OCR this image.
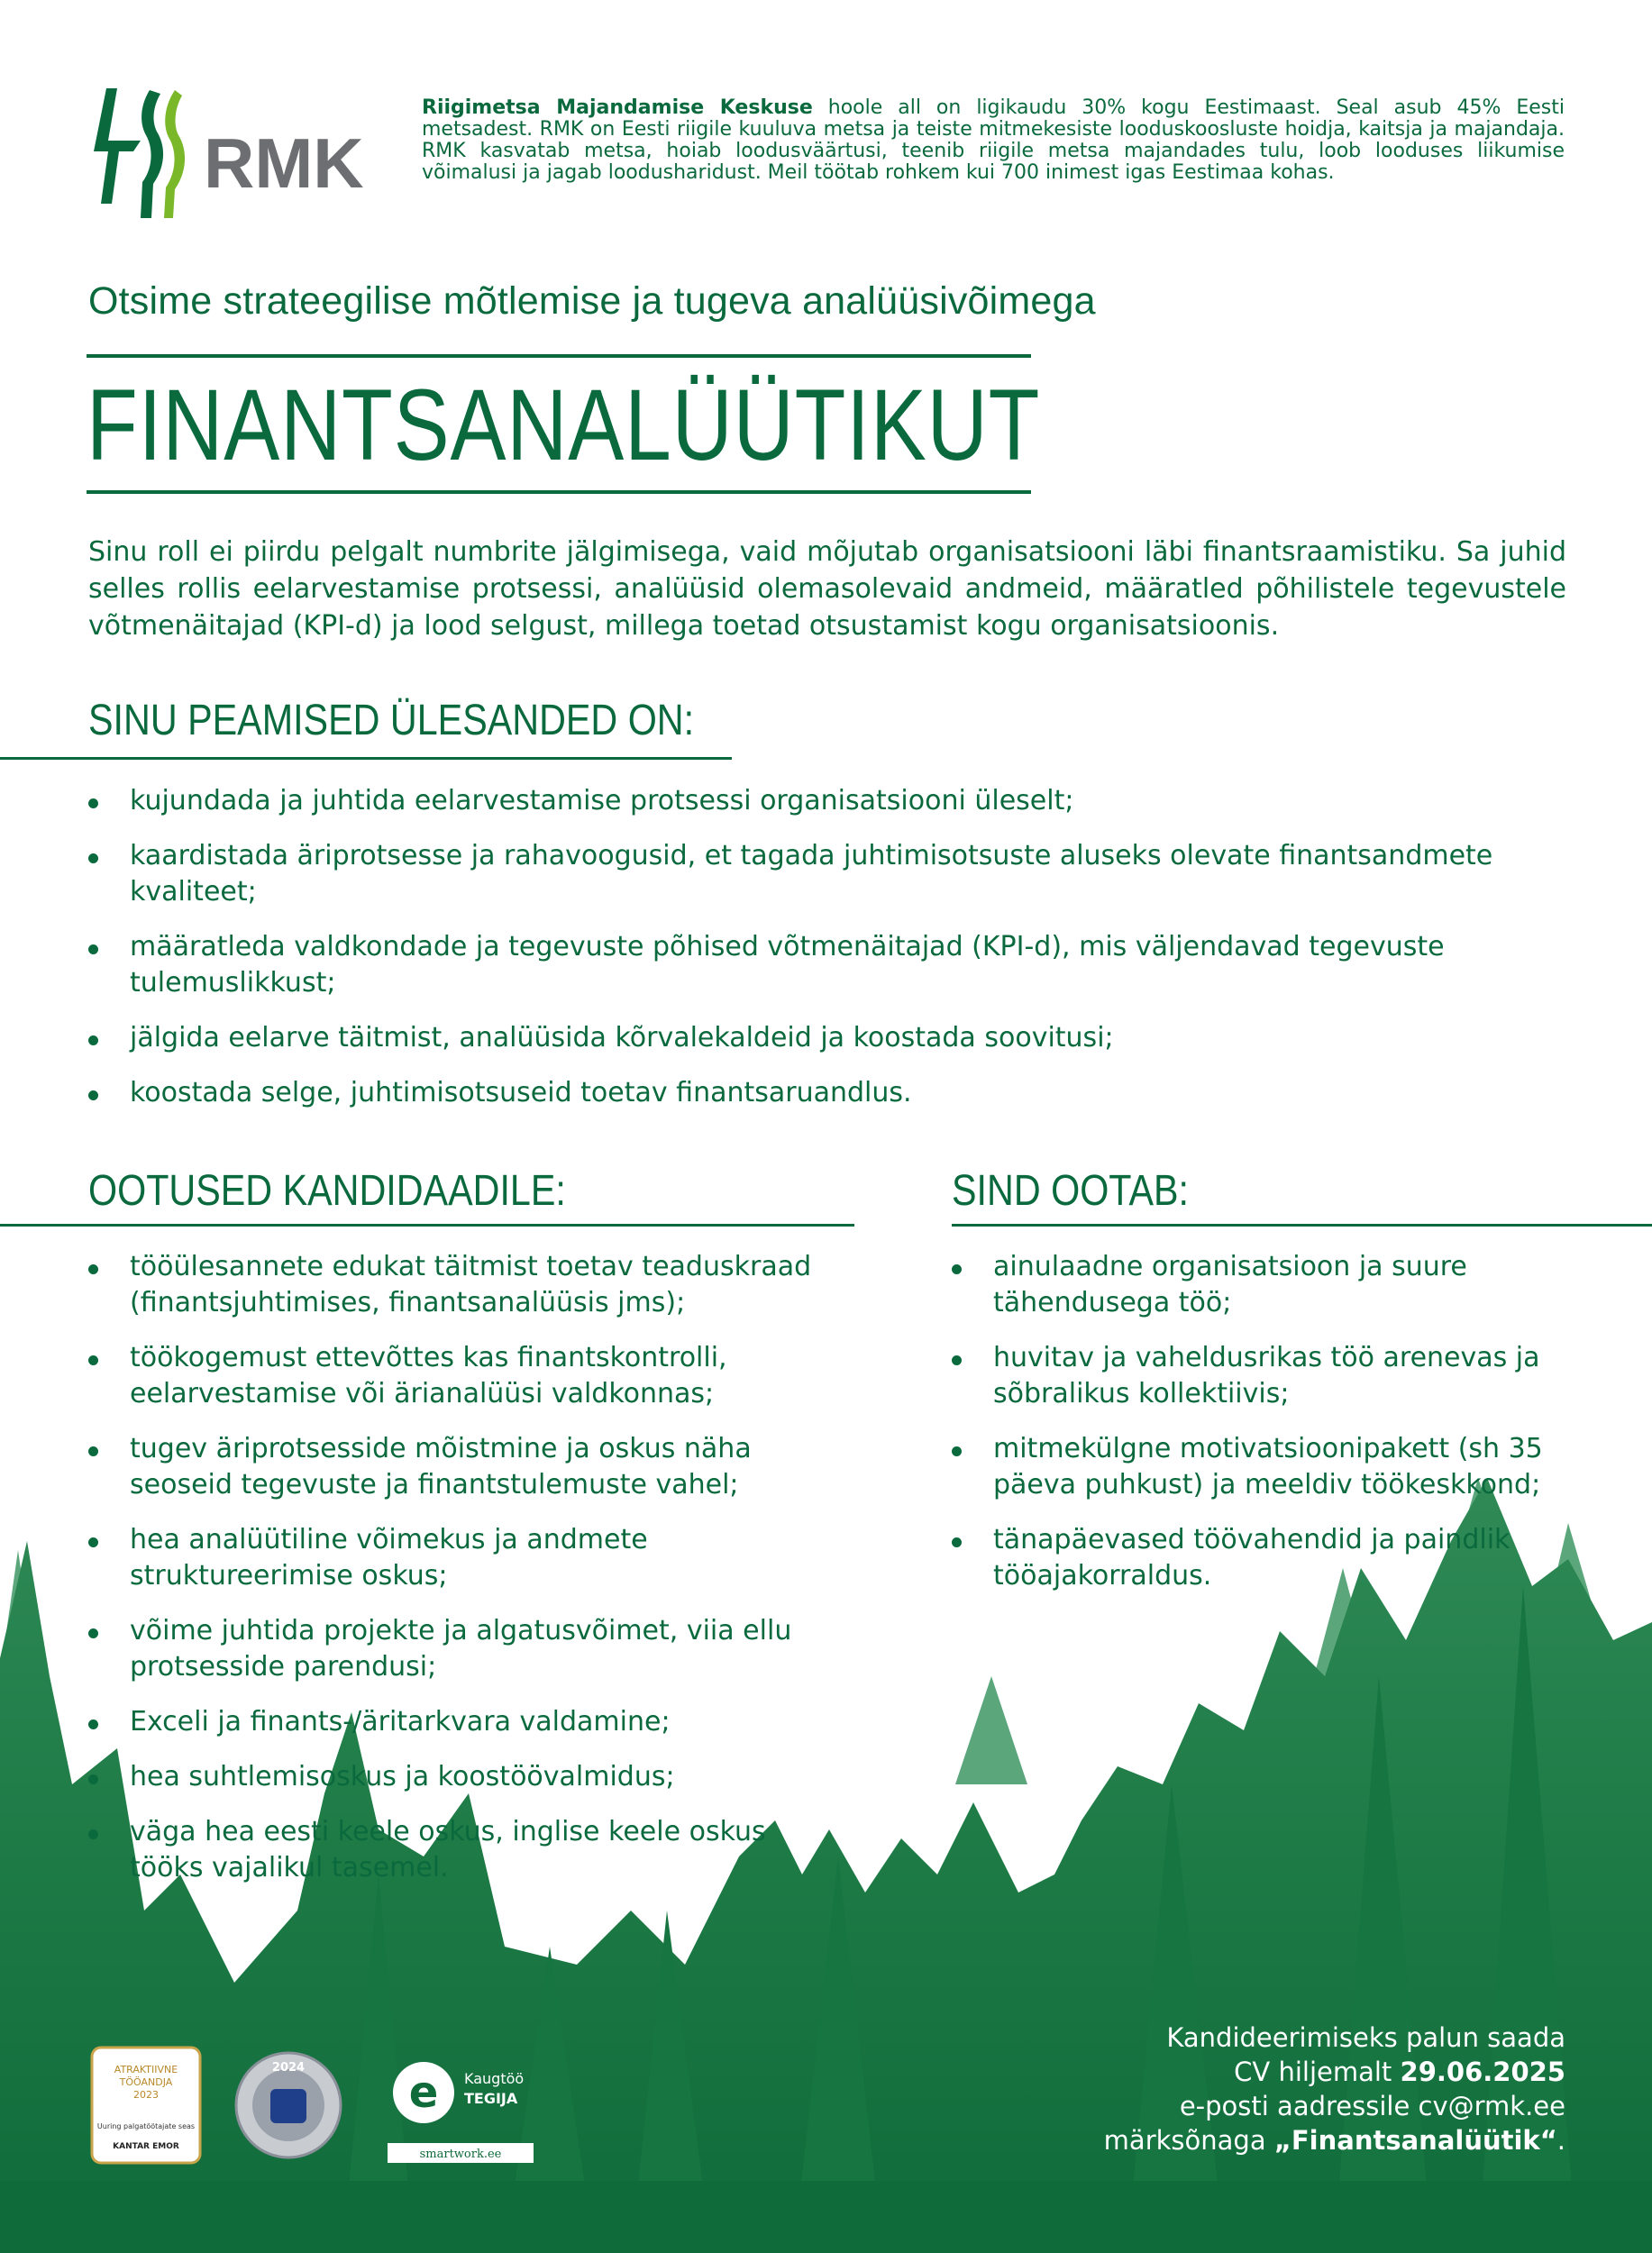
RMK
Riigimetsa Majandamise Keskuse hoole all on ligikaudu 30% kogu Eestimaast. Seal asub 45% Eesti metsadest. RMK on Eesti riigile kuuluva metsa ja teiste mitmekesiste looduskoosluste hoidja, kaitsja ja majandaja. RMK kasvatab metsa, hoiab loodusväärtusi, teenib riigile metsa majandades tulu, loob looduses liikumise võimalusi ja jagab loodusharidust. Meil töötab rohkem kui 700 inimest igas Eestimaa kohas.
Otsime strateegilise mõtlemise ja tugeva analüüsivõimega
FINANTSANALÜÜTIKUT
Sinu roll ei piirdu pelgalt numbrite jälgimisega, vaid mõjutab organisatsiooni läbi finantsraamistiku. Sa juhid selles rollis eelarvestamise protsessi, analüüsid olemasolevaid andmeid, määratled põhilistele tegevustele võtmenäitajad (KPI-d) ja lood selgust, millega toetad otsustamist kogu organisatsioonis.
SINU PEAMISED ÜLESANDED ON:
kujundada ja juhtida eelarvestamise protsessi organisatsiooni üleselt;
kaardistada äriprotsesse ja rahavoogusid, et tagada juhtimisotsuste aluseks olevate finantsandmete kvaliteet;
määratleda valdkondade ja tegevuste põhised võtmenäitajad (KPI-d), mis väljendavad tegevuste tulemuslikkust;
jälgida eelarve täitmist, analüüsida kõrvalekaldeid ja koostada soovitusi;
koostada selge, juhtimisotsuseid toetav finantsaruandlus.
OOTUSED KANDIDAADILE:
tööülesannete edukat täitmist toetav teaduskraad (finantsjuhtimises, finantsanalüüsis jms);
töökogemust ettevõttes kas finantskontrolli, eelarvestamise või ärianalüüsi valdkonnas;
tugev äriprotsesside mõistmine ja oskus näha seoseid tegevuste ja finantstulemuste vahel;
hea analüütiline võimekus ja andmete struktureerimise oskus;
võime juhtida projekte ja algatusvõimet, viia ellu protsesside parendusi;
Exceli ja finants-/äritarkvara valdamine;
hea suhtlemisoskus ja koostöövalmidus;
väga hea eesti keele oskus, inglise keele oskus tööks vajalikul tasemel.
SIND OOTAB:
ainulaadne organisatsioon ja suure tähendusega töö;
huvitav ja vaheldusrikas töö arenevas ja sõbralikus kollektiivis;
mitmekülgne motivatsioonipakett (sh 35 päeva puhkust) ja meeldiv töökeskkond;
tänapäevased töövahendid ja paindlik tööajakorraldus.
ATRAKTIIVNE
TÖÖANDJA
2023
Uuring palgatöötajate seas
KANTAR EMOR
2024 e Kaugtöö
TEGIJA
smartwork.ee
Kandideerimiseks palun saada
CV hiljemalt 29.06.2025
e-posti aadressile cv@rmk.ee
märksõnaga „Finantsanalüütik“.
